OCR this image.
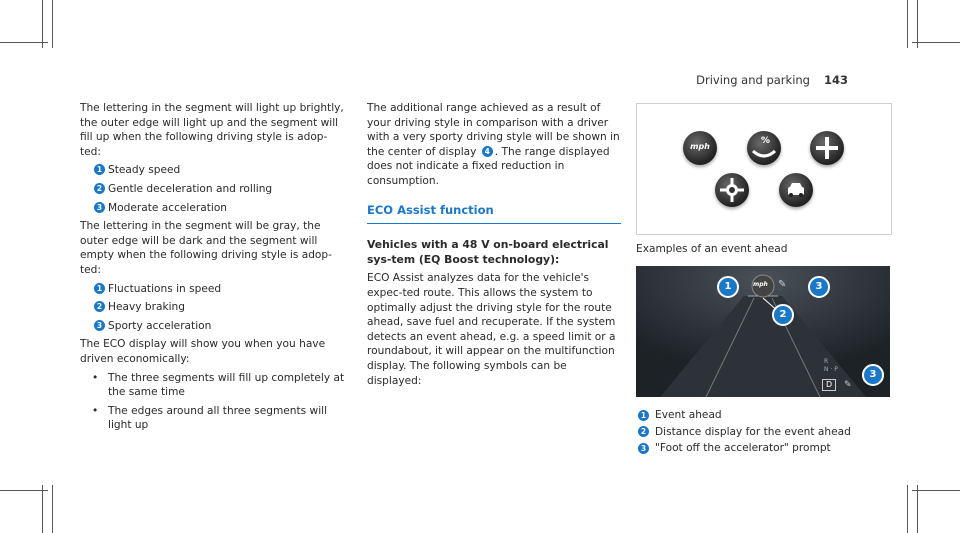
Driving and parking 143

The lettering in the segment will light up brightly, the outer edge will light up and the segment will fill up when the following driving style is adop-ted:

1 Steady speed
2 Gentle deceleration and rolling
3 Moderate acceleration

The lettering in the segment will be gray, the outer edge will be dark and the segment will empty when the following driving style is adop-ted:

1 Fluctuations in speed
2 Heavy braking
3 Sporty acceleration

The ECO display will show you when you have driven economically:

• The three segments will fill up completely at the same time
• The edges around all three segments will light up

The additional range achieved as a result of your driving style in comparison with a driver with a very sporty driving style will be shown in the center of display 4 . The range displayed does not indicate a fixed reduction in consumption.

ECO Assist function
Vehicles with a 48 V on-board electrical sys-tem (EQ Boost technology):

ECO Assist analyzes data for the vehicle's expec-ted route. This allows the system to optimally adjust the driving style for the route ahead, save fuel and recuperate. If the system detects an event ahead, e.g. a speed limit or a roundabout, it will appear on the multifunction display. The following symbols can be displayed:

mph
%
Examples of an event ahead
mph ✎
✎
R
N · P
D
1	3
2
3
1 Event ahead
2 Distance display for the event ahead
3 "Foot off the accelerator" prompt
